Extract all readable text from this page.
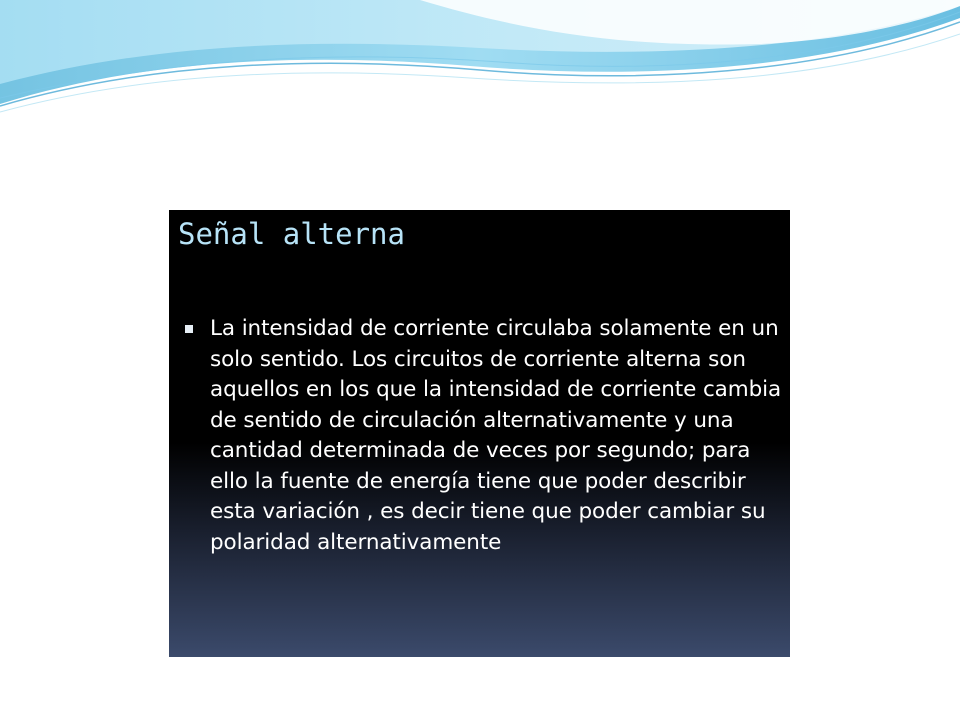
Señal alterna
La intensidad de corriente circulaba solamente en un solo sentido. Los circuitos de corriente alterna son aquellos en los que la intensidad de corriente cambia de sentido de circulación alternativamente y una cantidad determinada de veces por segundo; para ello la fuente de energía tiene que poder describir esta variación , es decir tiene que poder cambiar su polaridad alternativamente
